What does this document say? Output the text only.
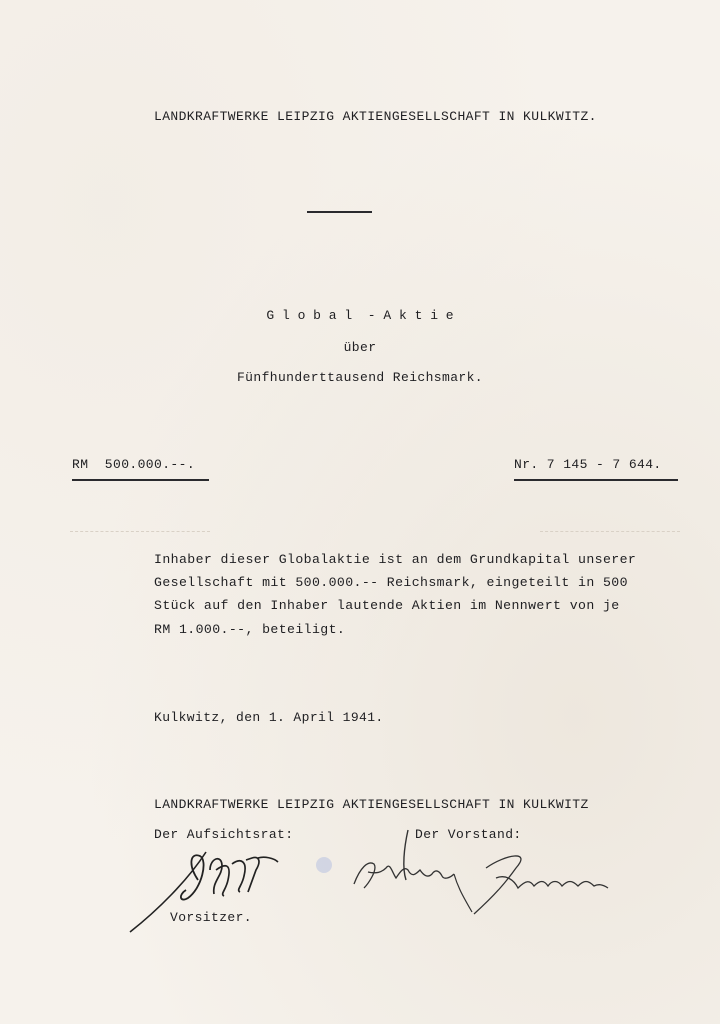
LANDKRAFTWERKE LEIPZIG AKTIENGESELLSCHAFT IN KULKWITZ.
G l o b a l  - A k t i e
über
Fünfhunderttausend Reichsmark.
RM  500.000.--.	Nr. 7 145 - 7 644.
Inhaber dieser Globalaktie ist an dem Grundkapital unserer
Gesellschaft mit 500.000.-- Reichsmark, eingeteilt in 500
Stück auf den Inhaber lautende Aktien im Nennwert von je
RM 1.000.--, beteiligt.
Kulkwitz, den 1. April 1941.
LANDKRAFTWERKE LEIPZIG AKTIENGESELLSCHAFT IN KULKWITZ
Der Aufsichtsrat:	Der Vorstand:
Vorsitzer.
